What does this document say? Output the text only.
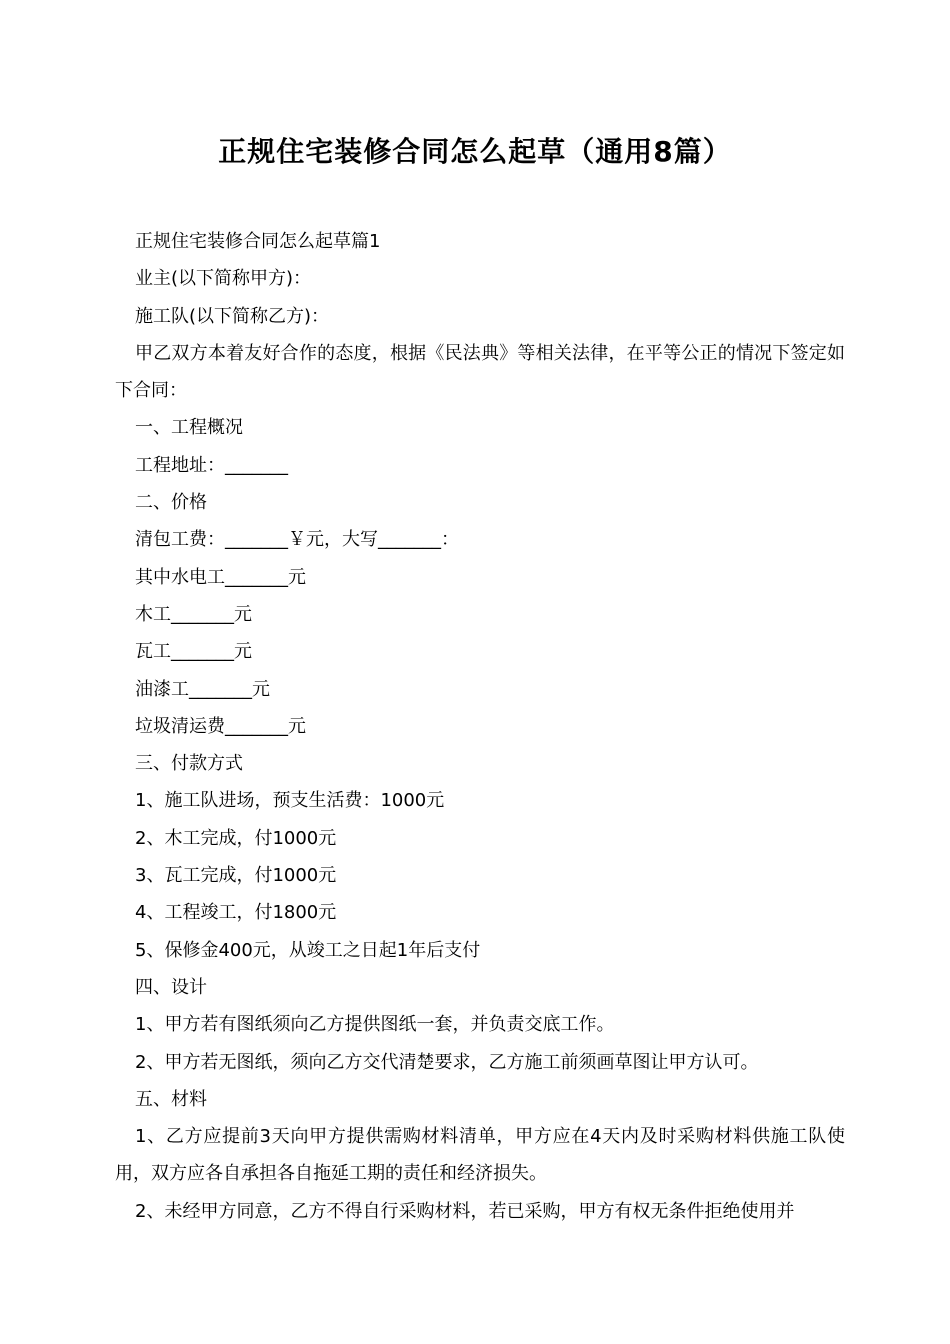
正规住宅装修合同怎么起草（通用8篇）

正规住宅装修合同怎么起草篇1

业主(以下简称甲方)：

施工队(以下简称乙方)：

甲乙双方本着友好合作的态度，根据《民法典》等相关法律，在平等公正的情况下签定如下合同：

一、工程概况

工程地址：_______

二、价格

清包工费：_______￥元，大写_______：

其中水电工_______元

木工_______元

瓦工_______元

油漆工_______元

垃圾清运费_______元

三、付款方式

1、施工队进场，预支生活费：1000元

2、木工完成，付1000元

3、瓦工完成，付1000元

4、工程竣工，付1800元

5、保修金400元，从竣工之日起1年后支付

四、设计

1、甲方若有图纸须向乙方提供图纸一套，并负责交底工作。

2、甲方若无图纸，须向乙方交代清楚要求，乙方施工前须画草图让甲方认可。

五、材料

1、乙方应提前3天向甲方提供需购材料清单，甲方应在4天内及时采购材料供施工队使用，双方应各自承担各自拖延工期的责任和经济损失。

2、未经甲方同意，乙方不得自行采购材料，若已采购，甲方有权无条件拒绝使用并
